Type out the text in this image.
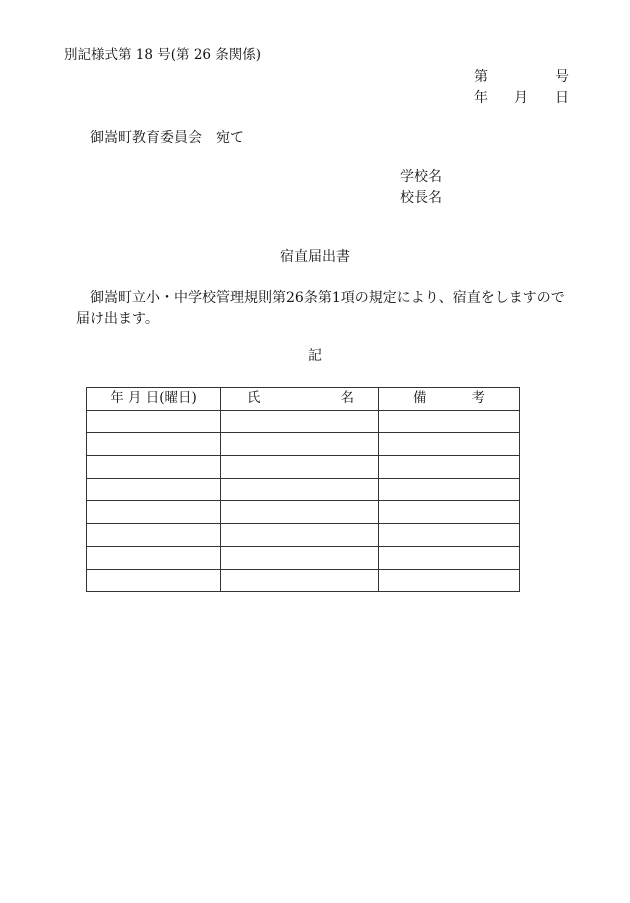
別記様式第 18 号(第 26 条関係)
第	号
年 月 日
御嵩町教育委員会　宛て
学校名
校長名
宿直届出書
御嵩町立小・中学校管理規則第26条第1項の規定により、宿直をしますので届け出ます。
記
年 月 日(曜日)	氏 名	備 考
